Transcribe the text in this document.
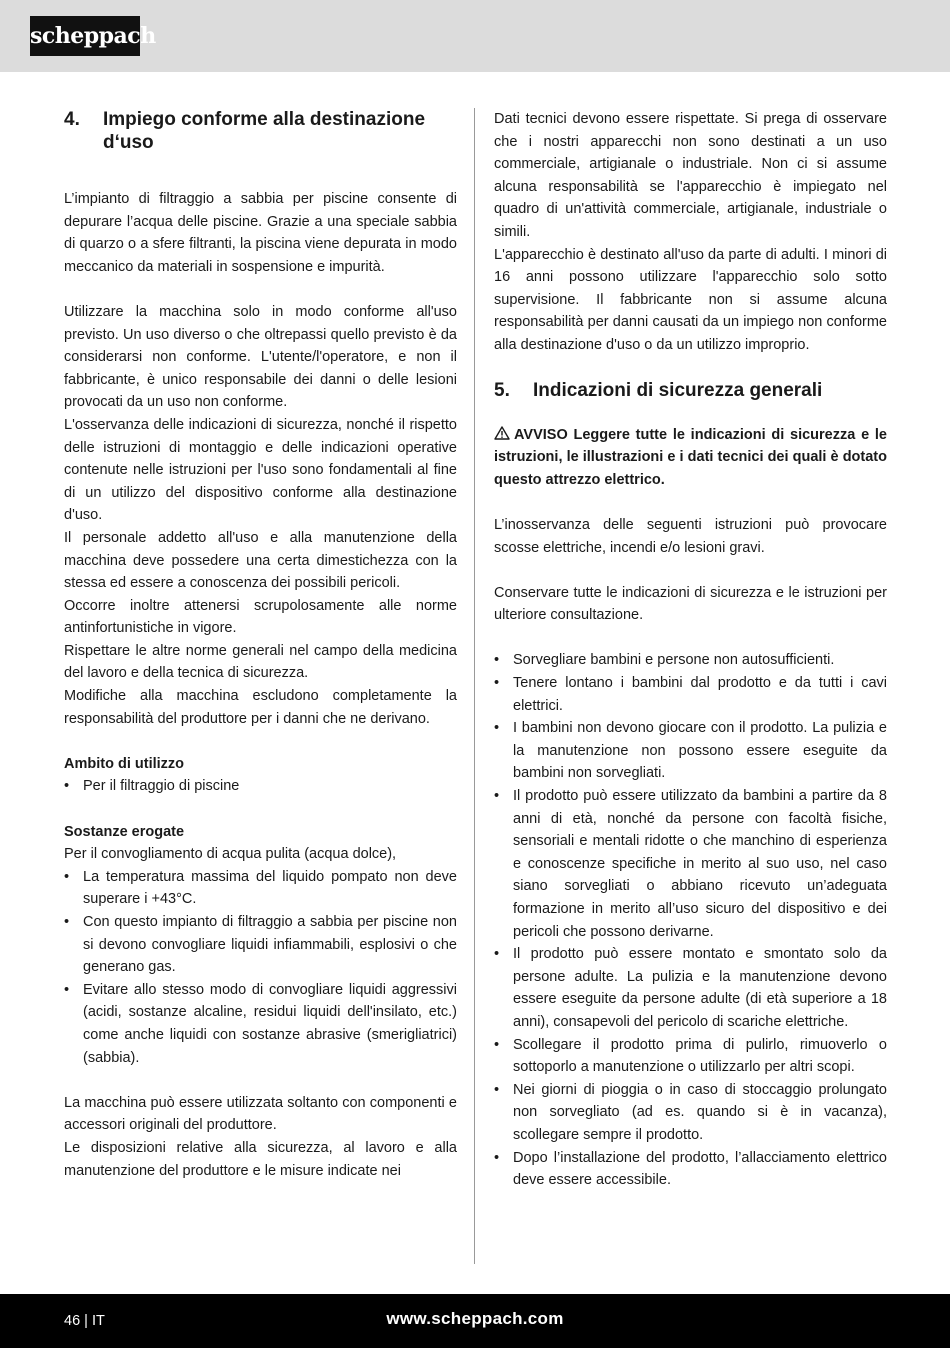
scheppach
4.	Impiego conforme alla destinazione d‘uso
L’impianto di filtraggio a sabbia per piscine consente di depurare l’acqua delle piscine. Grazie a una speciale sabbia di quarzo o a sfere filtranti, la piscina viene depurata in modo meccanico da materiali in sospensione e impurità.
Utilizzare la macchina solo in modo conforme all'uso previsto. Un uso diverso o che oltrepassi quello previsto è da considerarsi non conforme. L'utente/l'operatore, e non il fabbricante, è unico responsabile dei danni o delle lesioni provocati da un uso non conforme.
L'osservanza delle indicazioni di sicurezza, nonché il rispetto delle istruzioni di montaggio e delle indicazioni operative contenute nelle istruzioni per l'uso sono fondamentali al fine di un utilizzo del dispositivo conforme alla destinazione d'uso.
Il personale addetto all'uso e alla manutenzione della macchina deve possedere una certa dimestichezza con la stessa ed essere a conoscenza dei possibili pericoli.
Occorre inoltre attenersi scrupolosamente alle norme antinfortunistiche in vigore.
Rispettare le altre norme generali nel campo della medicina del lavoro e della tecnica di sicurezza.
Modifiche alla macchina escludono completamente la responsabilità del produttore per i danni che ne derivano.
Ambito di utilizzo
• Per il filtraggio di piscine
Sostanze erogate
Per il convogliamento di acqua pulita (acqua dolce),
• La temperatura massima del liquido pompato non deve superare i +43°C.
• Con questo impianto di filtraggio a sabbia per piscine non si devono convogliare liquidi infiammabili, esplosivi o che generano gas.
• Evitare allo stesso modo di convogliare liquidi aggressivi (acidi, sostanze alcaline, residui liquidi dell'insilato, etc.) come anche liquidi con sostanze abrasive (smerigliatrici) (sabbia).
La macchina può essere utilizzata soltanto con componenti e accessori originali del produttore.
Le disposizioni relative alla sicurezza, al lavoro e alla manutenzione del produttore e le misure indicate nei
Dati tecnici devono essere rispettate. Si prega di osservare che i nostri apparecchi non sono destinati a un uso commerciale, artigianale o industriale. Non ci si assume alcuna responsabilità se l'apparecchio è impiegato nel quadro di un'attività commerciale, artigianale, industriale o simili.
L'apparecchio è destinato all'uso da parte di adulti. I minori di 16 anni possono utilizzare l'apparecchio solo sotto supervisione. Il fabbricante non si assume alcuna responsabilità per danni causati da un impiego non conforme alla destinazione d'uso o da un utilizzo improprio.
5.	Indicazioni di sicurezza generali
AVVISO Leggere tutte le indicazioni di sicurezza e le istruzioni, le illustrazioni e i dati tecnici dei quali è dotato questo attrezzo elettrico.
L’inosservanza delle seguenti istruzioni può provocare scosse elettriche, incendi e/o lesioni gravi.
Conservare tutte le indicazioni di sicurezza e le istruzioni per ulteriore consultazione.
• Sorvegliare bambini e persone non autosufficienti.
• Tenere lontano i bambini dal prodotto e da tutti i cavi elettrici.
• I bambini non devono giocare con il prodotto. La pulizia e la manutenzione non possono essere eseguite da bambini non sorvegliati.
• Il prodotto può essere utilizzato da bambini a partire da 8 anni di età, nonché da persone con facoltà fisiche, sensoriali e mentali ridotte o che manchino di esperienza e conoscenze specifiche in merito al suo uso, nel caso siano sorvegliati o abbiano ricevuto un’adeguata formazione in merito all’uso sicuro del dispositivo e dei pericoli che possono derivarne.
• Il prodotto può essere montato e smontato solo da persone adulte. La pulizia e la manutenzione devono essere eseguite da persone adulte (di età superiore a 18 anni), consapevoli del pericolo di scariche elettriche.
• Scollegare il prodotto prima di pulirlo, rimuoverlo o sottoporlo a manutenzione o utilizzarlo per altri scopi.
• Nei giorni di pioggia o in caso di stoccaggio prolungato non sorvegliato (ad es. quando si è in vacanza), scollegare sempre il prodotto.
• Dopo l’installazione del prodotto, l’allacciamento elettrico deve essere accessibile.
46 | IT	www.scheppach.com
